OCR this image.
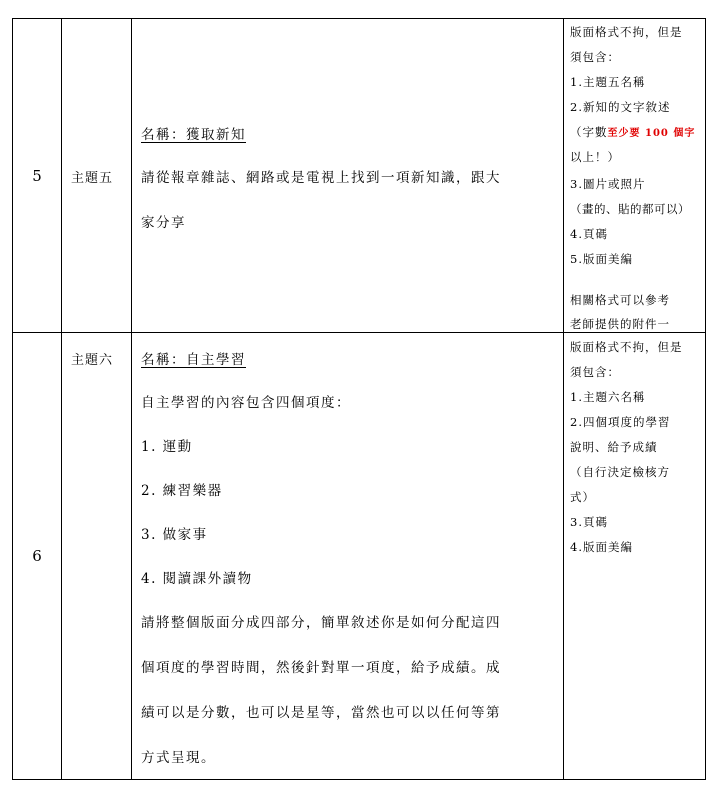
5	主題五
名稱：獲取新知
請從報章雜誌、網路或是電視上找到一項新知識，跟大
家分享
版面格式不拘，但是
須包含：
1.主題五名稱
2.新知的文字敘述
（字數至少要 100 個字
以上！）
3.圖片或照片
（畫的、貼的都可以）
4.頁碼
5.版面美編
相關格式可以參考
老師提供的附件一
6
主題六	名稱：自主學習
自主學習的內容包含四個項度：
1. 運動
2. 練習樂器
3. 做家事
4. 閱讀課外讀物
請將整個版面分成四部分，簡單敘述你是如何分配這四
個項度的學習時間，然後針對單一項度，給予成績。成
績可以是分數，也可以是星等，當然也可以以任何等第
方式呈現。
版面格式不拘，但是
須包含：
1.主題六名稱
2.四個項度的學習
說明、給予成績
（自行決定檢核方
式）
3.頁碼
4.版面美編
